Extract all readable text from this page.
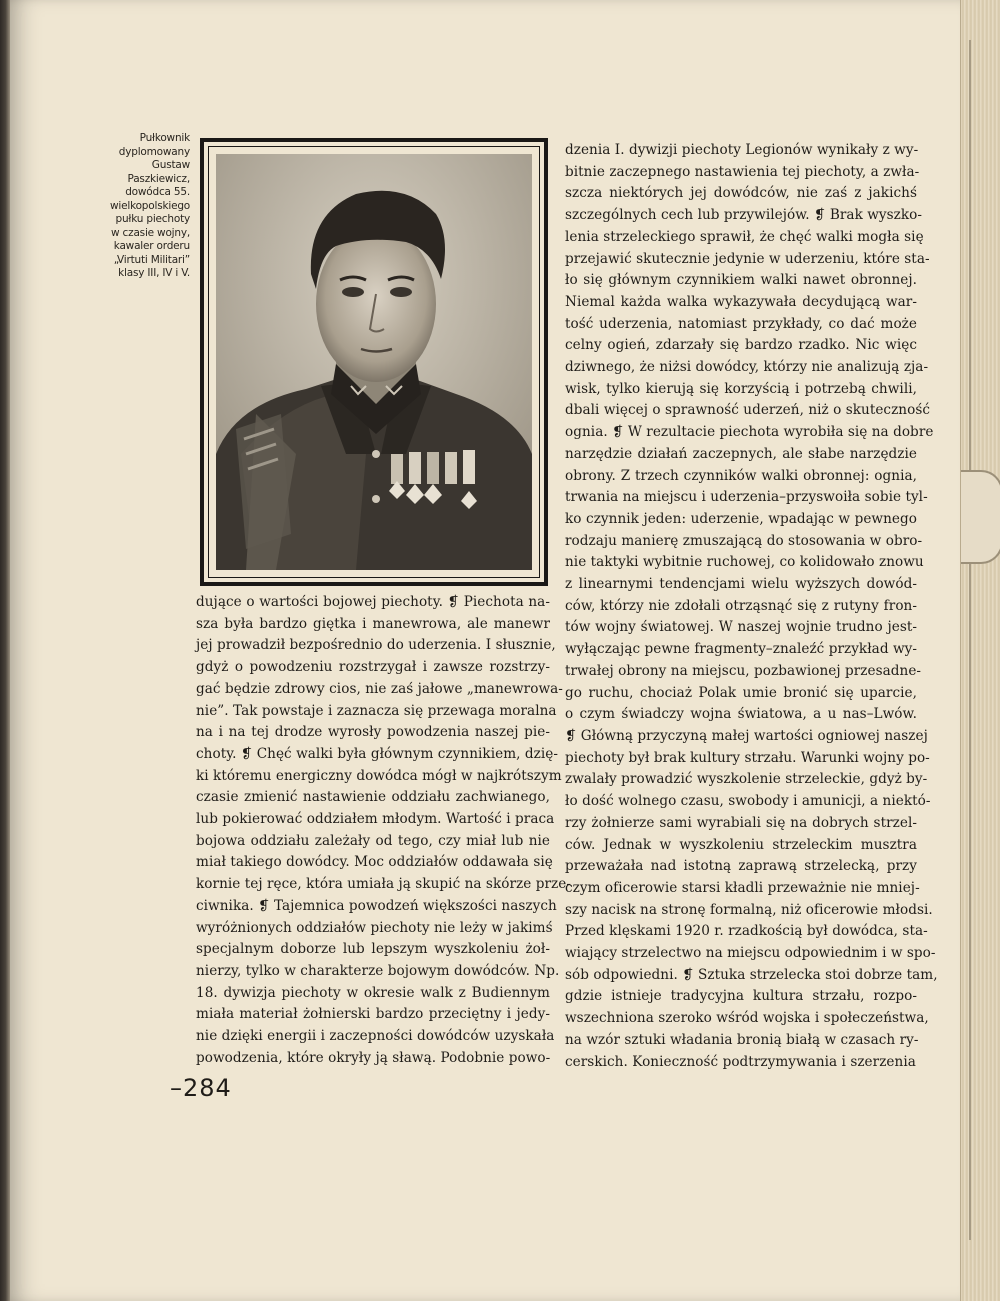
Pułkownik
dyplomowany
Gustaw
Paszkiewicz,
dowódca 55.
wielkopolskiego
pułku piechoty
w czasie wojny,
kawaler orderu
„Virtuti Militari”
klasy III, IV i V.
dujące o wartości bojowej piechoty. ❡ Piechota na-
sza była bardzo giętka i manewrowa, ale manewr
jej prowadził bezpośrednio do uderzenia. I słusznie,
gdyż o powodzeniu rozstrzygał i zawsze rozstrzy-
gać będzie zdrowy cios, nie zaś jałowe „manewrowa-
nie”. Tak powstaje i zaznacza się przewaga moralna
na i na tej drodze wyrosły powodzenia naszej pie-
choty. ❡ Chęć walki była głównym czynnikiem, dzię-
ki któremu energiczny dowódca mógł w najkrótszym
czasie zmienić nastawienie oddziału zachwianego,
lub pokierować oddziałem młodym. Wartość i praca
bojowa oddziału zależały od tego, czy miał lub nie
miał takiego dowódcy. Moc oddziałów oddawała się
kornie tej ręce, która umiała ją skupić na skórze prze-
ciwnika. ❡ Tajemnica powodzeń większości naszych
wyróżnionych oddziałów piechoty nie leży w jakimś
specjalnym doborze lub lepszym wyszkoleniu żoł-
nierzy, tylko w charakterze bojowym dowódców. Np.
18. dywizja piechoty w okresie walk z Budiennym
miała materiał żołnierski bardzo przeciętny i jedy-
nie dzięki energii i zaczepności dowódców uzyskała
powodzenia, które okryły ją sławą. Podobnie powo-
dzenia I. dywizji piechoty Legionów wynikały z wy-
bitnie zaczepnego nastawienia tej piechoty, a zwła-
szcza niektórych jej dowódców, nie zaś z jakichś
szczególnych cech lub przywilejów. ❡ Brak wyszko-
lenia strzeleckiego sprawił, że chęć walki mogła się
przejawić skutecznie jedynie w uderzeniu, które sta-
ło się głównym czynnikiem walki nawet obronnej.
Niemal każda walka wykazywała decydującą war-
tość uderzenia, natomiast przykłady, co dać może
celny ogień, zdarzały się bardzo rzadko. Nic więc
dziwnego, że niżsi dowódcy, którzy nie analizują zja-
wisk, tylko kierują się korzyścią i potrzebą chwili,
dbali więcej o sprawność uderzeń, niż o skuteczność
ognia. ❡ W rezultacie piechota wyrobiła się na dobre
narzędzie działań zaczepnych, ale słabe narzędzie
obrony. Z trzech czynników walki obronnej: ognia,
trwania na miejscu i uderzenia–przyswoiła sobie tyl-
ko czynnik jeden: uderzenie, wpadając w pewnego
rodzaju manierę zmuszającą do stosowania w obro-
nie taktyki wybitnie ruchowej, co kolidowało znowu
z linearnymi tendencjami wielu wyższych dowód-
ców, którzy nie zdołali otrząsnąć się z rutyny fron-
tów wojny światowej. W naszej wojnie trudno jest-
wyłączając pewne fragmenty–znaleźć przykład wy-
trwałej obrony na miejscu, pozbawionej przesadne-
go ruchu, chociaż Polak umie bronić się uparcie,
o czym świadczy wojna światowa, a u nas–Lwów.
❡ Główną przyczyną małej wartości ogniowej naszej
piechoty był brak kultury strzału. Warunki wojny po-
zwalały prowadzić wyszkolenie strzeleckie, gdyż by-
ło dość wolnego czasu, swobody i amunicji, a niektó-
rzy żołnierze sami wyrabiali się na dobrych strzel-
ców. Jednak w wyszkoleniu strzeleckim musztra
przeważała nad istotną zaprawą strzelecką, przy
czym oficerowie starsi kładli przeważnie nie mniej-
szy nacisk na stronę formalną, niż oficerowie młodsi.
Przed klęskami 1920 r. rzadkością był dowódca, sta-
wiający strzelectwo na miejscu odpowiednim i w spo-
sób odpowiedni. ❡ Sztuka strzelecka stoi dobrze tam,
gdzie istnieje tradycyjna kultura strzału, rozpo-
wszechniona szeroko wśród wojska i społeczeństwa,
na wzór sztuki władania bronią białą w czasach ry-
cerskich. Konieczność podtrzymywania i szerzenia
–284
